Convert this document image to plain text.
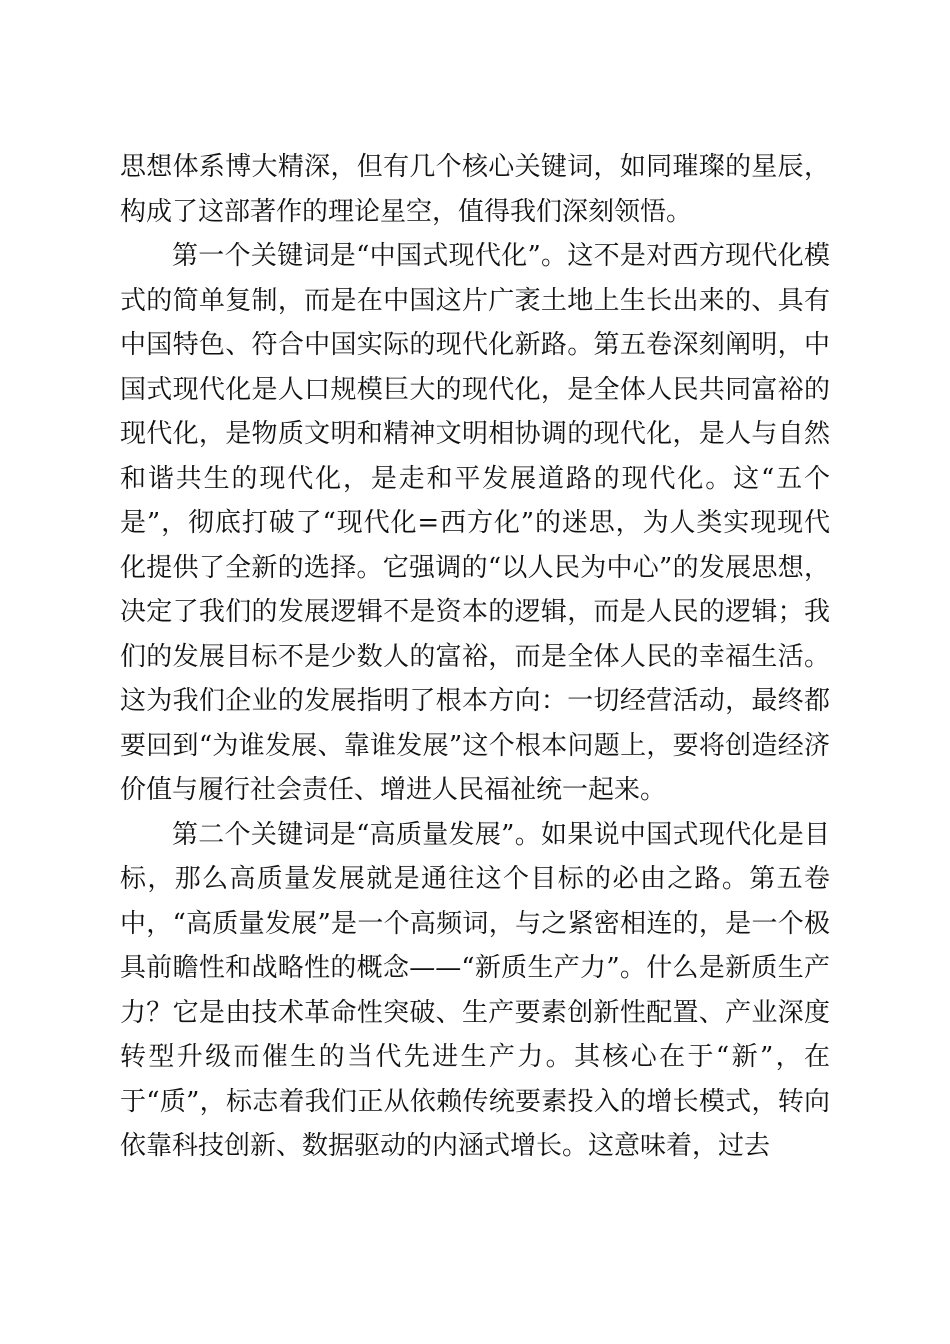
思想体系博大精深，但有几个核心关键词，如同璀璨的星辰，构成了这部著作的理论星空，值得我们深刻领悟。

第一个关键词是“中国式现代化”。这不是对西方现代化模式的简单复制，而是在中国这片广袤土地上生长出来的、具有中国特色、符合中国实际的现代化新路。第五卷深刻阐明，中国式现代化是人口规模巨大的现代化，是全体人民共同富裕的现代化，是物质文明和精神文明相协调的现代化，是人与自然和谐共生的现代化，是走和平发展道路的现代化。这“五个是”，彻底打破了“现代化=西方化”的迷思，为人类实现现代化提供了全新的选择。它强调的“以人民为中心”的发展思想，决定了我们的发展逻辑不是资本的逻辑，而是人民的逻辑；我们的发展目标不是少数人的富裕，而是全体人民的幸福生活。这为我们企业的发展指明了根本方向：一切经营活动，最终都要回到“为谁发展、靠谁发展”这个根本问题上，要将创造经济价值与履行社会责任、增进人民福祉统一起来。

第二个关键词是“高质量发展”。如果说中国式现代化是目标，那么高质量发展就是通往这个目标的必由之路。第五卷中，“高质量发展”是一个高频词，与之紧密相连的，是一个极具前瞻性和战略性的概念——“新质生产力”。什么是新质生产力？它是由技术革命性突破、生产要素创新性配置、产业深度转型升级而催生的当代先进生产力。其核心在于“新”，在于“质”，标志着我们正从依赖传统要素投入的增长模式，转向依靠科技创新、数据驱动的内涵式增长。这意味着，过去
